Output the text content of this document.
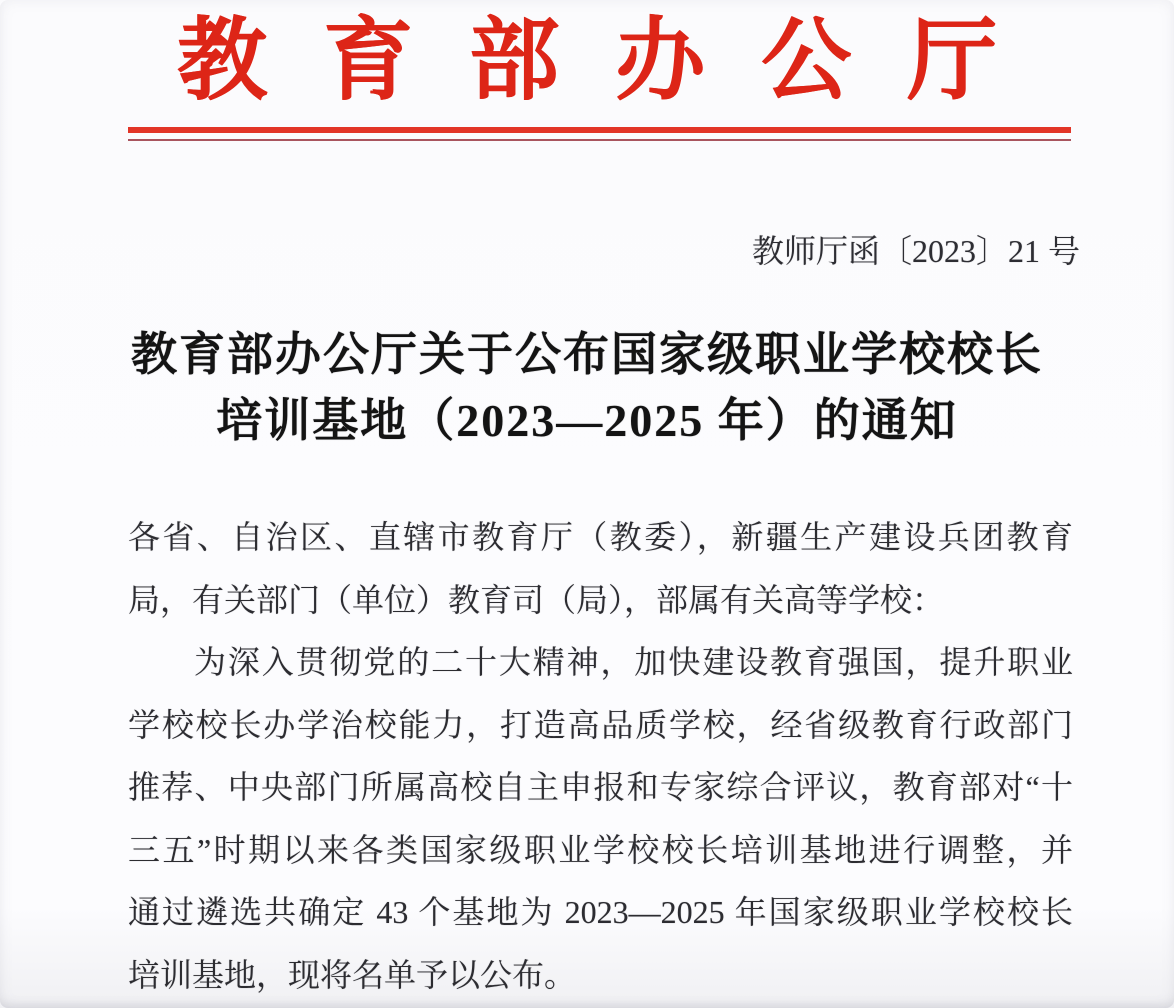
教 育 部 办 公 厅
教师厅函〔2023〕21 号
教育部办公厅关于公布国家级职业学校校长
培训基地（2023—2025 年）的通知

各省、自治区、直辖市教育厅（教委），新疆生产建设兵团教育

局，有关部门（单位）教育司（局），部属有关高等学校：

为深入贯彻党的二十大精神，加快建设教育强国，提升职业

学校校长办学治校能力，打造高品质学校，经省级教育行政部门

推荐、中央部门所属高校自主申报和专家综合评议，教育部对“十

三五”时期以来各类国家级职业学校校长培训基地进行调整，并

通过遴选共确定 43 个基地为 2023—2025 年国家级职业学校校长

培训基地，现将名单予以公布。
